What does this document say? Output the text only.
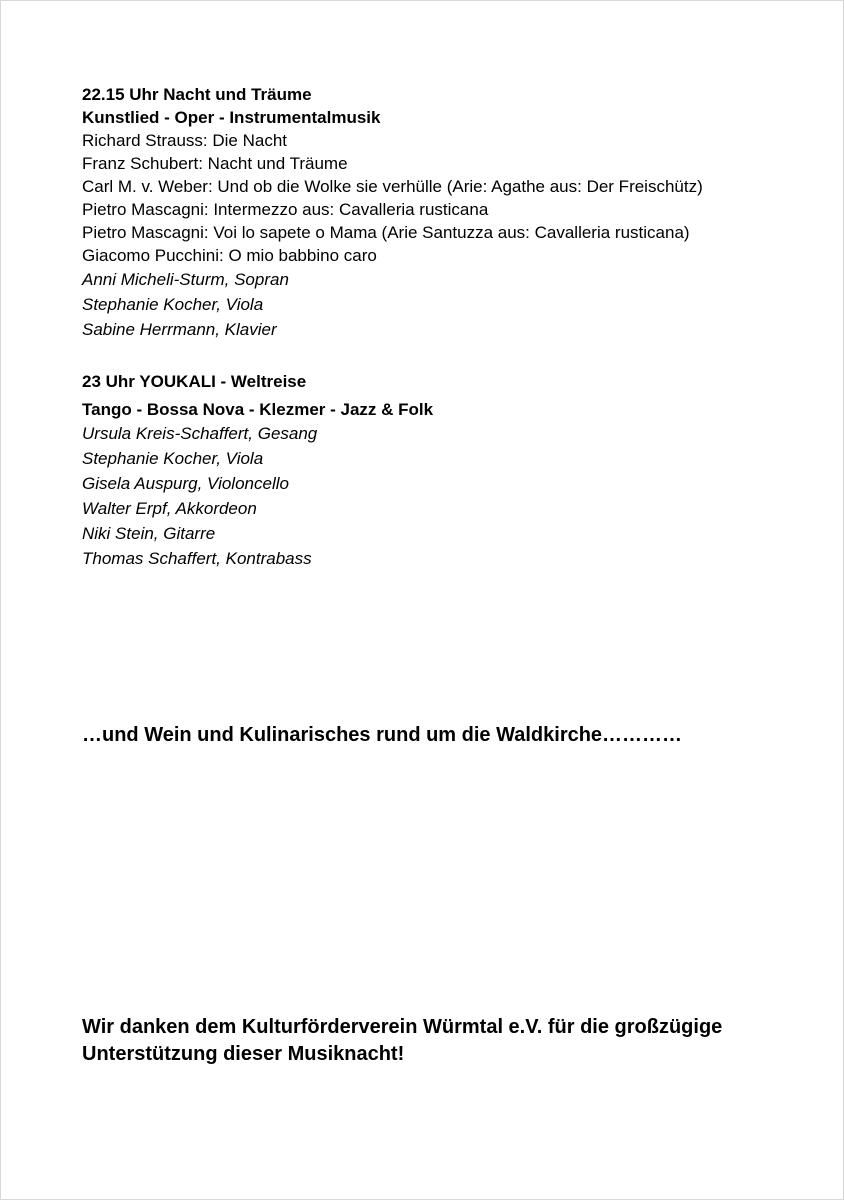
22.15 Uhr Nacht und Träume
Kunstlied - Oper - Instrumentalmusik
Richard Strauss: Die Nacht
Franz Schubert: Nacht und Träume
Carl M. v. Weber: Und ob die Wolke sie verhülle (Arie: Agathe aus: Der Freischütz)
Pietro Mascagni: Intermezzo aus: Cavalleria rusticana
Pietro Mascagni: Voi lo sapete o Mama (Arie Santuzza aus: Cavalleria rusticana)
Giacomo Pucchini: O mio babbino caro
Anni Micheli-Sturm, Sopran
Stephanie Kocher, Viola
Sabine Herrmann, Klavier
23 Uhr YOUKALI - Weltreise
Tango - Bossa Nova - Klezmer - Jazz & Folk
Ursula Kreis-Schaffert, Gesang
Stephanie Kocher, Viola
Gisela Auspurg, Violoncello
Walter Erpf, Akkordeon
Niki Stein, Gitarre
Thomas Schaffert, Kontrabass
…und Wein und Kulinarisches rund um die Waldkirche…………
Wir danken dem Kulturförderverein Würmtal e.V. für die großzügige
Unterstützung dieser Musiknacht!
